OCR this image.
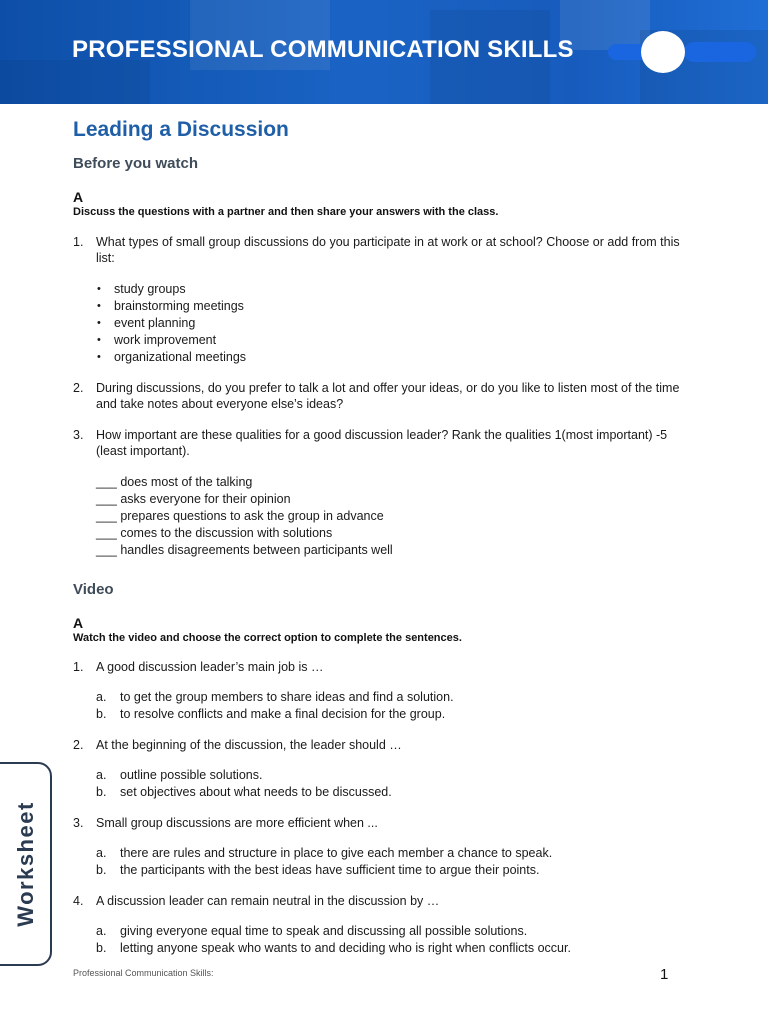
PROFESSIONAL COMMUNICATION SKILLS
Leading a Discussion
Before you watch
A
Discuss the questions with a partner and then share your answers with the class.
1. What types of small group discussions do you participate in at work or at school? Choose or add from this list:
• study groups
• brainstorming meetings
• event planning
• work improvement
• organizational meetings
2. During discussions, do you prefer to talk a lot and offer your ideas, or do you like to listen most of the time and take notes about everyone else’s ideas?
3. How important are these qualities for a good discussion leader? Rank the qualities 1(most important) -5 (least important).
___ does most of the talking
___ asks everyone for their opinion
___ prepares questions to ask the group in advance
___ comes to the discussion with solutions
___ handles disagreements between participants well
Video
A
Watch the video and choose the correct option to complete the sentences.
1. A good discussion leader’s main job is …
a. to get the group members to share ideas and find a solution.
b. to resolve conflicts and make a final decision for the group.
2. At the beginning of the discussion, the leader should …
a. outline possible solutions.
b. set objectives about what needs to be discussed.
3. Small group discussions are more efficient when ...
a. there are rules and structure in place to give each member a chance to speak.
b. the participants with the best ideas have sufficient time to argue their points.
4. A discussion leader can remain neutral in the discussion by …
a. giving everyone equal time to speak and discussing all possible solutions.
b. letting anyone speak who wants to and deciding who is right when conflicts occur.
Worksheet
Professional Communication Skills:	1
